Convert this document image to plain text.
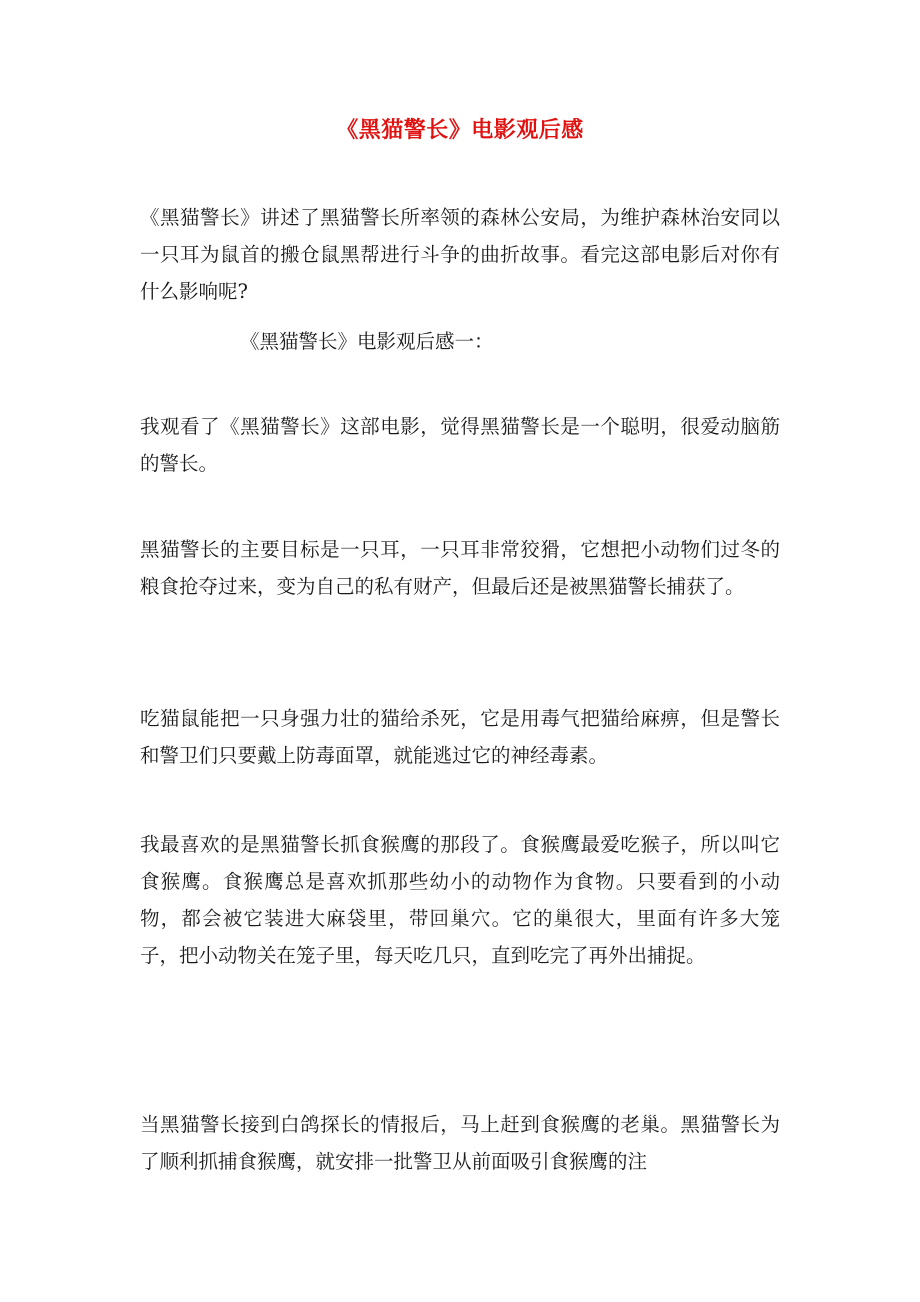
《黑猫警长》电影观后感

《黑猫警长》讲述了黑猫警长所率领的森林公安局，为维护森林治安同以一只耳为鼠首的搬仓鼠黑帮进行斗争的曲折故事。看完这部电影后对你有什么影响呢?

《黑猫警长》电影观后感一：

我观看了《黑猫警长》这部电影，觉得黑猫警长是一个聪明，很爱动脑筋的警长。

黑猫警长的主要目标是一只耳，一只耳非常狡猾，它想把小动物们过冬的粮食抢夺过来，变为自己的私有财产，但最后还是被黑猫警长捕获了。

吃猫鼠能把一只身强力壮的猫给杀死，它是用毒气把猫给麻痹，但是警长和警卫们只要戴上防毒面罩，就能逃过它的神经毒素。

我最喜欢的是黑猫警长抓食猴鹰的那段了。食猴鹰最爱吃猴子，所以叫它食猴鹰。食猴鹰总是喜欢抓那些幼小的动物作为食物。只要看到的小动物，都会被它装进大麻袋里，带回巢穴。它的巢很大，里面有许多大笼子，把小动物关在笼子里，每天吃几只，直到吃完了再外出捕捉。

当黑猫警长接到白鸽探长的情报后，马上赶到食猴鹰的老巢。黑猫警长为了顺利抓捕食猴鹰，就安排一批警卫从前面吸引食猴鹰的注
